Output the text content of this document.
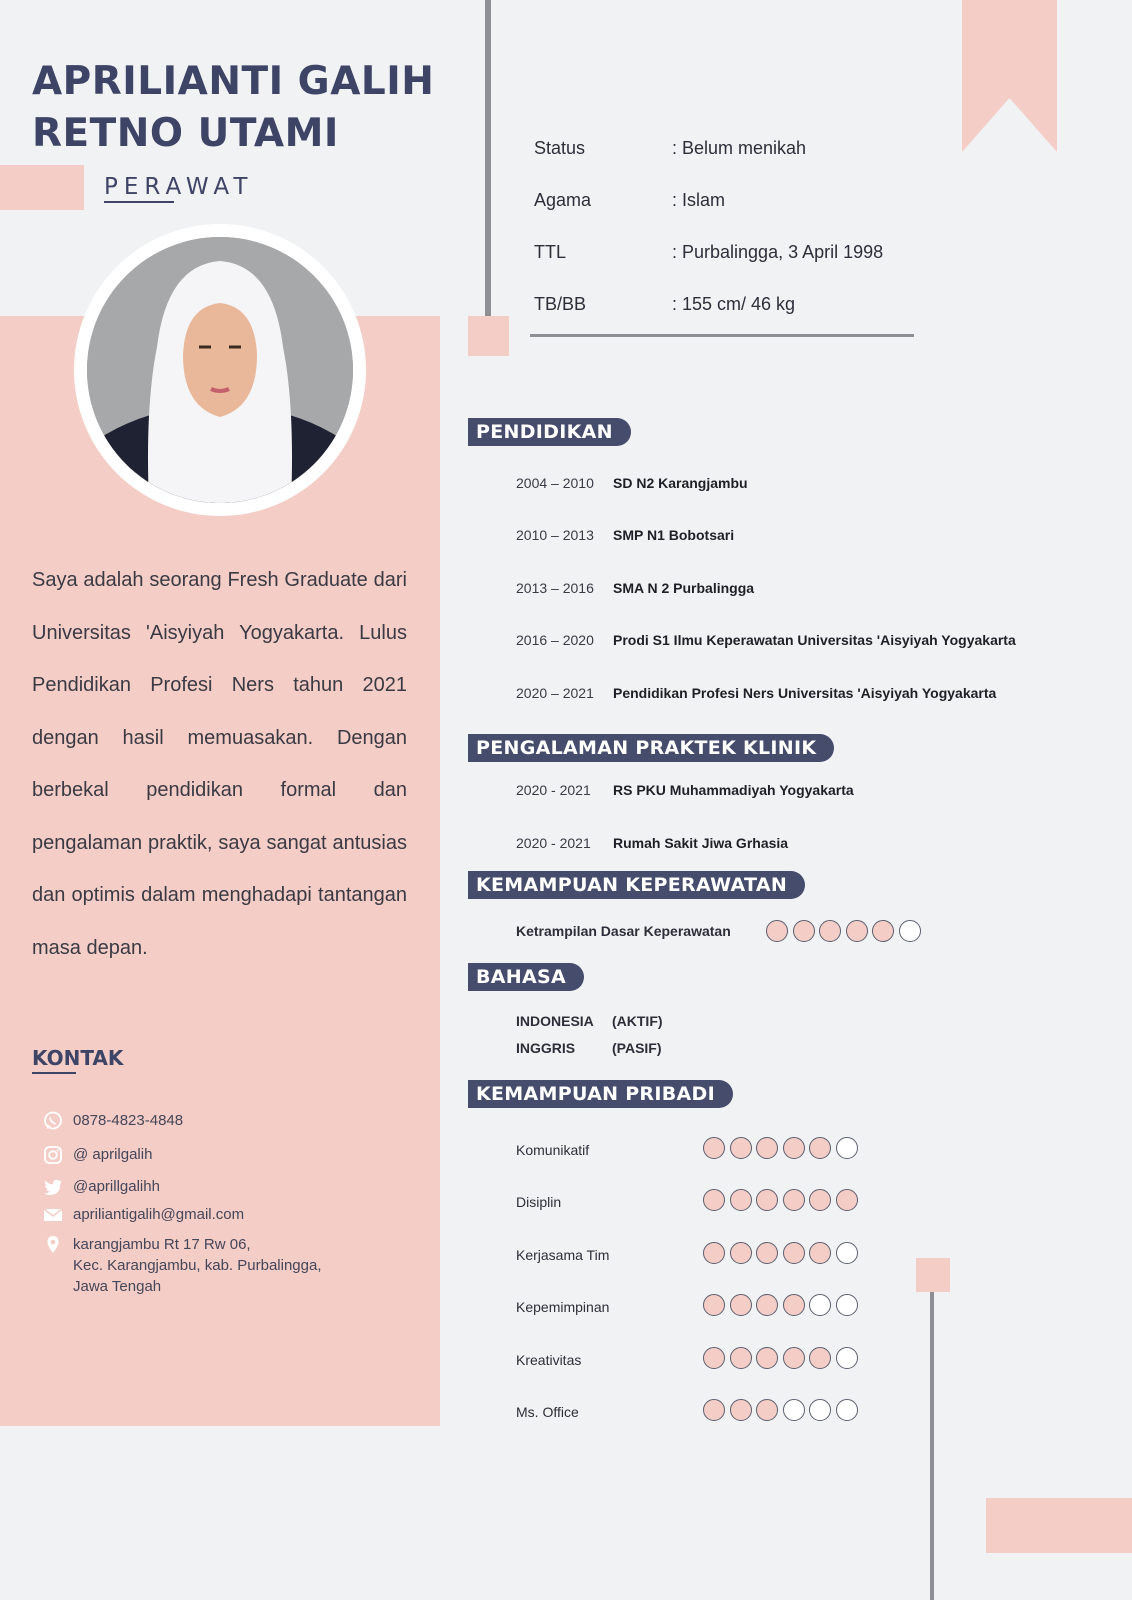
APRILIANTI GALIH
RETNO UTAMI
PERAWAT

Saya adalah seorang Fresh Graduate dari Universitas 'Aisyiyah Yogyakarta. Lulus Pendidikan Profesi Ners tahun 2021 dengan hasil memuasakan. Dengan berbekal pendidikan formal dan pengalaman praktik, saya sangat antusias dan optimis dalam menghadapi tantangan masa depan.

KONTAK
0878-4823-4848
@ aprilgalih
@aprillgalihh
apriliantigalih@gmail.com
karangjambu Rt 17 Rw 06,
Kec. Karangjambu, kab. Purbalingga,
Jawa Tengah
Status	: Belum menikah
Agama	: Islam
TTL	: Purbalingga, 3 April 1998
TB/BB	: 155 cm/ 46 kg
PENDIDIKAN
2004 – 2010 SD N2 Karangjambu
2010 – 2013 SMP N1 Bobotsari
2013 – 2016 SMA N 2 Purbalingga
2016 – 2020 Prodi S1 Ilmu Keperawatan Universitas 'Aisyiyah Yogyakarta
2020 – 2021 Pendidikan Profesi Ners Universitas 'Aisyiyah Yogyakarta
PENGALAMAN PRAKTEK KLINIK
2020 - 2021 RS PKU Muhammadiyah Yogyakarta
2020 - 2021 Rumah Sakit Jiwa Grhasia
KEMAMPUAN KEPERAWATAN
Ketrampilan Dasar Keperawatan
BAHASA
INDONESIA (AKTIF)
INGGRIS	(PASIF)
KEMAMPUAN PRIBADI
Komunikatif
Disiplin
Kerjasama Tim
Kepemimpinan
Kreativitas
Ms. Office
